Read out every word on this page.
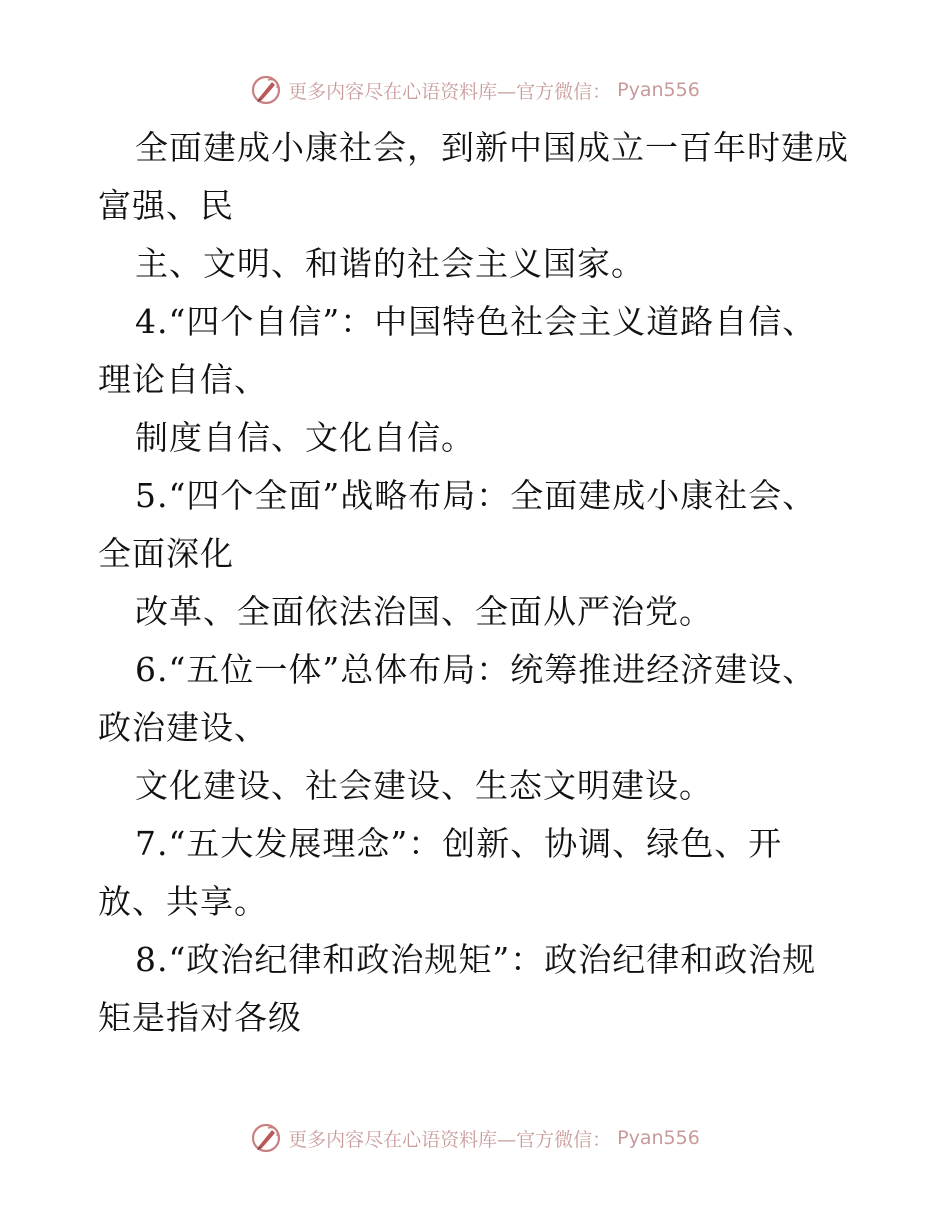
更多内容尽在心语资料库—官方微信： Pyan556
全面建成小康社会，到新中国成立一百年时建成
富强、民
主、文明、和谐的社会主义国家。
4.“四个自信”：中国特色社会主义道路自信、
理论自信、
制度自信、文化自信。
5.“四个全面”战略布局：全面建成小康社会、
全面深化
改革、全面依法治国、全面从严治党。
6.“五位一体”总体布局：统筹推进经济建设、
政治建设、
文化建设、社会建设、生态文明建设。
7.“五大发展理念”：创新、协调、绿色、开
放、共享。
8.“政治纪律和政治规矩”：政治纪律和政治规
矩是指对各级
更多内容尽在心语资料库—官方微信： Pyan556
